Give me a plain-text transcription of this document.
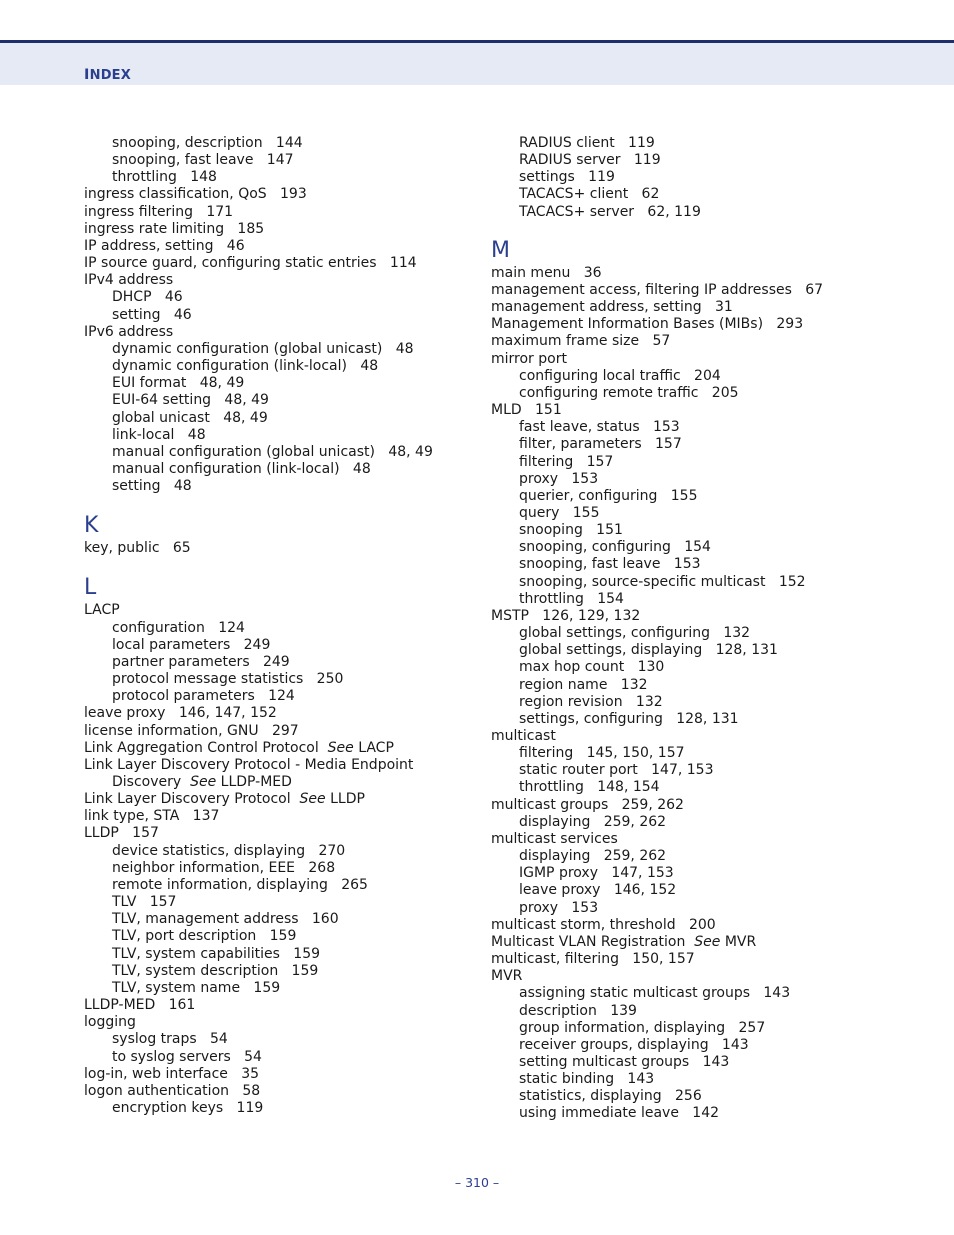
INDEX
snooping, description   144
snooping, fast leave   147
throttling   148
ingress classification, QoS   193
ingress filtering   171
ingress rate limiting   185
IP address, setting   46
IP source guard, configuring static entries   114
IPv4 address
DHCP   46
setting   46
IPv6 address
dynamic configuration (global unicast)   48
dynamic configuration (link-local)   48
EUI format   48, 49
EUI-64 setting   48, 49
global unicast   48, 49
link-local   48
manual configuration (global unicast)   48, 49
manual configuration (link-local)   48
setting   48
K
key, public   65
L
LACP
configuration   124
local parameters   249
partner parameters   249
protocol message statistics   250
protocol parameters   124
leave proxy   146, 147, 152
license information, GNU   297
Link Aggregation Control Protocol  See LACP
Link Layer Discovery Protocol - Media Endpoint
Discovery  See LLDP-MED
Link Layer Discovery Protocol  See LLDP
link type, STA   137
LLDP   157
device statistics, displaying   270
neighbor information, EEE   268
remote information, displaying   265
TLV   157
TLV, management address   160
TLV, port description   159
TLV, system capabilities   159
TLV, system description   159
TLV, system name   159
LLDP-MED   161
logging
syslog traps   54
to syslog servers   54
log-in, web interface   35
logon authentication   58
encryption keys   119
RADIUS client   119
RADIUS server   119
settings   119
TACACS+ client   62
TACACS+ server   62, 119
M
main menu   36
management access, filtering IP addresses   67
management address, setting   31
Management Information Bases (MIBs)   293
maximum frame size   57
mirror port
configuring local traffic   204
configuring remote traffic   205
MLD   151
fast leave, status   153
filter, parameters   157
filtering   157
proxy   153
querier, configuring   155
query   155
snooping   151
snooping, configuring   154
snooping, fast leave   153
snooping, source-specific multicast   152
throttling   154
MSTP   126, 129, 132
global settings, configuring   132
global settings, displaying   128, 131
max hop count   130
region name   132
region revision   132
settings, configuring   128, 131
multicast
filtering   145, 150, 157
static router port   147, 153
throttling   148, 154
multicast groups   259, 262
displaying   259, 262
multicast services
displaying   259, 262
IGMP proxy   147, 153
leave proxy   146, 152
proxy   153
multicast storm, threshold   200
Multicast VLAN Registration  See MVR
multicast, filtering   150, 157
MVR
assigning static multicast groups   143
description   139
group information, displaying   257
receiver groups, displaying   143
setting multicast groups   143
static binding   143
statistics, displaying   256
using immediate leave   142
– 310 –
